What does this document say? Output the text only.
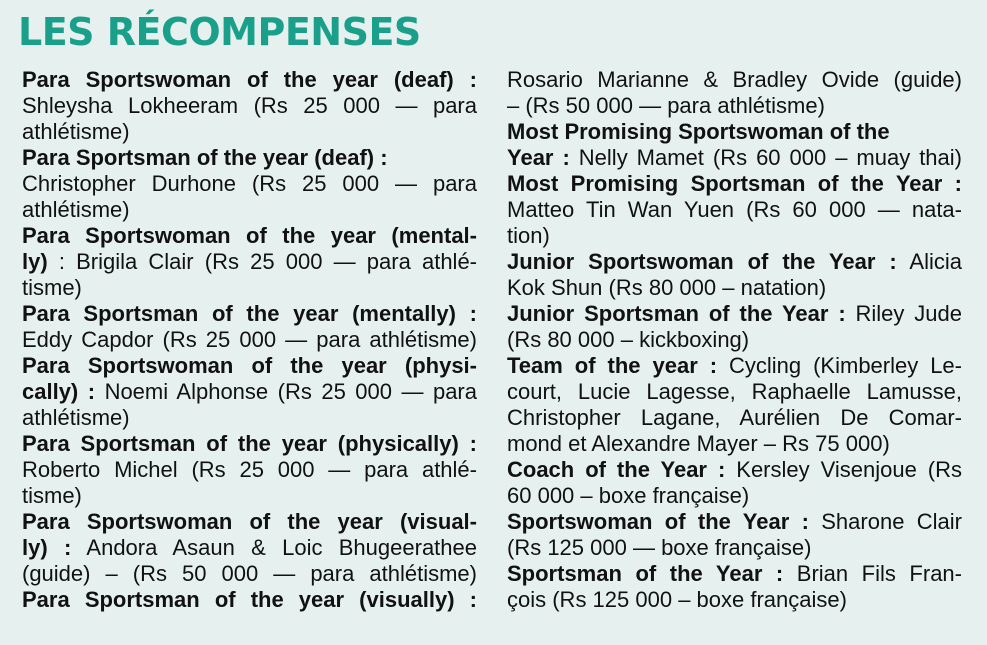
LES RÉCOMPENSES
Para Sportswoman of the year (deaf) :
Shleysha Lokheeram (Rs 25 000 — para
athlétisme)
Para Sportsman of the year (deaf) :
Christopher Durhone (Rs 25 000 — para
athlétisme)
Para Sportswoman of the year (mental-
ly) : Brigila Clair (Rs 25 000 — para athlé-
tisme)
Para Sportsman of the year (mentally) :
Eddy Capdor (Rs 25 000 — para athlétisme)
Para Sportswoman of the year (physi-
cally) : Noemi Alphonse (Rs 25 000 — para
athlétisme)
Para Sportsman of the year (physically) :
Roberto Michel (Rs 25 000 — para athlé-
tisme)
Para Sportswoman of the year (visual-
ly) : Andora Asaun & Loic Bhugeerathee
(guide) – (Rs 50 000 — para athlétisme)
Para Sportsman of the year (visually) :
Rosario Marianne & Bradley Ovide (guide)
– (Rs 50 000 — para athlétisme)
Most Promising Sportswoman of the
Year : Nelly Mamet (Rs 60 000 – muay thai)
Most Promising Sportsman of the Year :
Matteo Tin Wan Yuen (Rs 60 000 — nata-
tion)
Junior Sportswoman of the Year : Alicia
Kok Shun (Rs 80 000 – natation)
Junior Sportsman of the Year : Riley Jude
(Rs 80 000 – kickboxing)
Team of the year : Cycling (Kimberley Le-
court, Lucie Lagesse, Raphaelle Lamusse,
Christopher Lagane, Aurélien De Comar-
mond et Alexandre Mayer – Rs 75 000)
Coach of the Year : Kersley Visenjoue (Rs
60 000 – boxe française)
Sportswoman of the Year : Sharone Clair
(Rs 125 000 — boxe française)
Sportsman of the Year : Brian Fils Fran-
çois (Rs 125 000 – boxe française)
